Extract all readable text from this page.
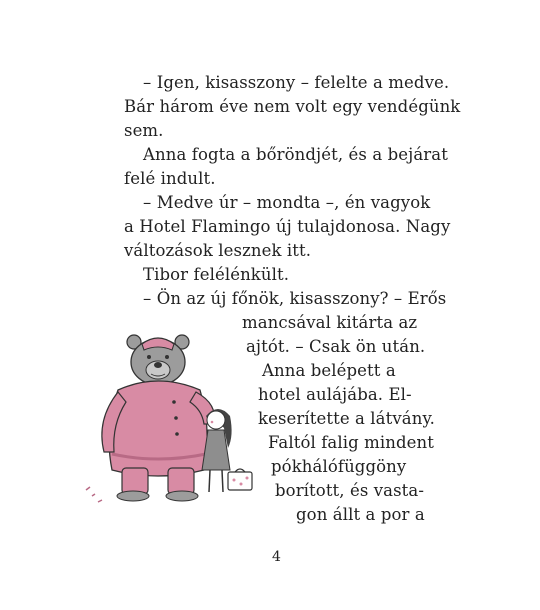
– Igen, kisasszony – felelte a medve.
Bár három éve nem volt egy vendégünk
sem.
Anna fogta a bőröndjét, és a bejárat
felé indult.
– Medve úr – mondta –, én vagyok
a Hotel Flamingo új tulajdonosa. Nagy
változások lesznek itt.
Tibor felélénkült.
– Ön az új főnök, kisasszony? – Erős
mancsával kitárta az
ajtót. – Csak ön után.
Anna belépett a
hotel aulájába. El-
keserítette a látvány.
Faltól falig mindent
pókhálófüggöny
borított, és vasta-
gon állt a por a
4
